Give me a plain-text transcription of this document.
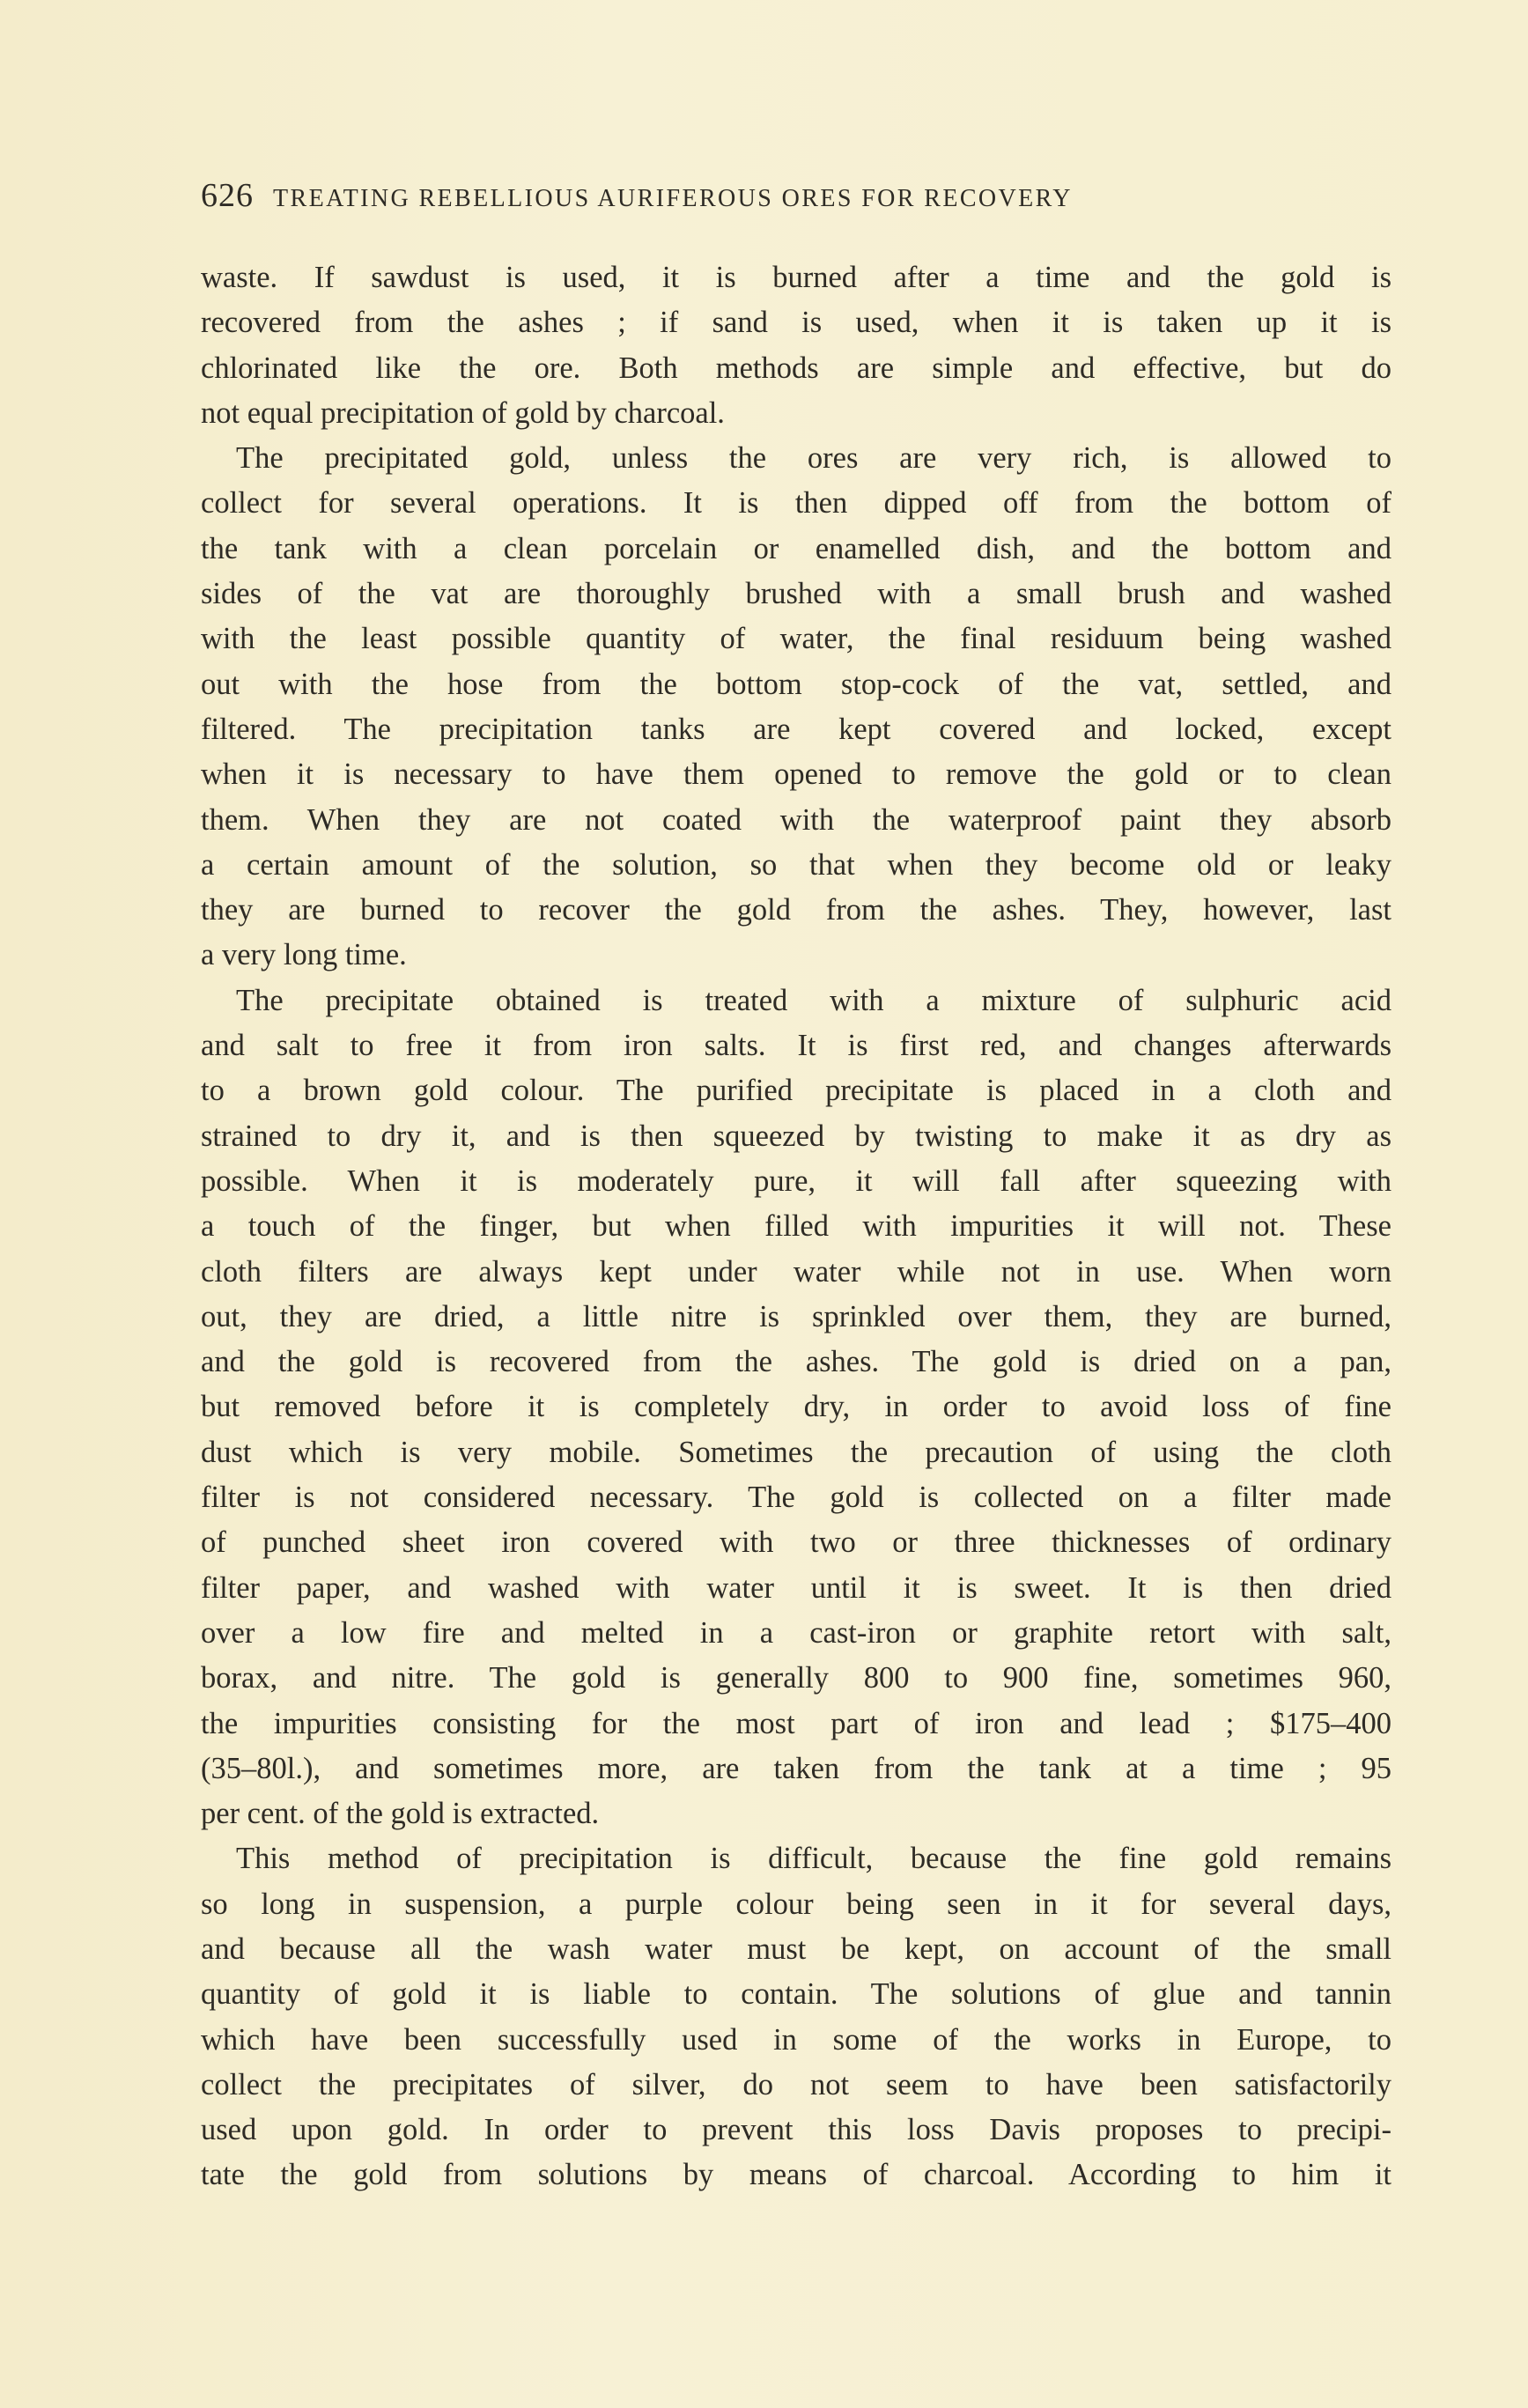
626 TREATING REBELLIOUS AURIFEROUS ORES FOR RECOVERY
waste. If sawdust is used, it is burned after a time and the gold is
recovered from the ashes ; if sand is used, when it is taken up it is
chlorinated like the ore. Both methods are simple and effective, but do
not equal precipitation of gold by charcoal.
The precipitated gold, unless the ores are very rich, is allowed to
collect for several operations. It is then dipped off from the bottom of
the tank with a clean porcelain or enamelled dish, and the bottom and
sides of the vat are thoroughly brushed with a small brush and washed
with the least possible quantity of water, the final residuum being washed
out with the hose from the bottom stop-cock of the vat, settled, and
filtered. The precipitation tanks are kept covered and locked, except
when it is necessary to have them opened to remove the gold or to clean
them. When they are not coated with the waterproof paint they absorb
a certain amount of the solution, so that when they become old or leaky
they are burned to recover the gold from the ashes. They, however, last
a very long time.
The precipitate obtained is treated with a mixture of sulphuric acid
and salt to free it from iron salts. It is first red, and changes afterwards
to a brown gold colour. The purified precipitate is placed in a cloth and
strained to dry it, and is then squeezed by twisting to make it as dry as
possible. When it is moderately pure, it will fall after squeezing with
a touch of the finger, but when filled with impurities it will not. These
cloth filters are always kept under water while not in use. When worn
out, they are dried, a little nitre is sprinkled over them, they are burned,
and the gold is recovered from the ashes. The gold is dried on a pan,
but removed before it is completely dry, in order to avoid loss of fine
dust which is very mobile. Sometimes the precaution of using the cloth
filter is not considered necessary. The gold is collected on a filter made
of punched sheet iron covered with two or three thicknesses of ordinary
filter paper, and washed with water until it is sweet. It is then dried
over a low fire and melted in a cast-iron or graphite retort with salt,
borax, and nitre. The gold is generally 800 to 900 fine, sometimes 960,
the impurities consisting for the most part of iron and lead ; $175–400
(35–80l.), and sometimes more, are taken from the tank at a time ; 95
per cent. of the gold is extracted.
This method of precipitation is difficult, because the fine gold remains
so long in suspension, a purple colour being seen in it for several days,
and because all the wash water must be kept, on account of the small
quantity of gold it is liable to contain. The solutions of glue and tannin
which have been successfully used in some of the works in Europe, to
collect the precipitates of silver, do not seem to have been satisfactorily
used upon gold. In order to prevent this loss Davis proposes to precipi-
tate the gold from solutions by means of charcoal. According to him it
